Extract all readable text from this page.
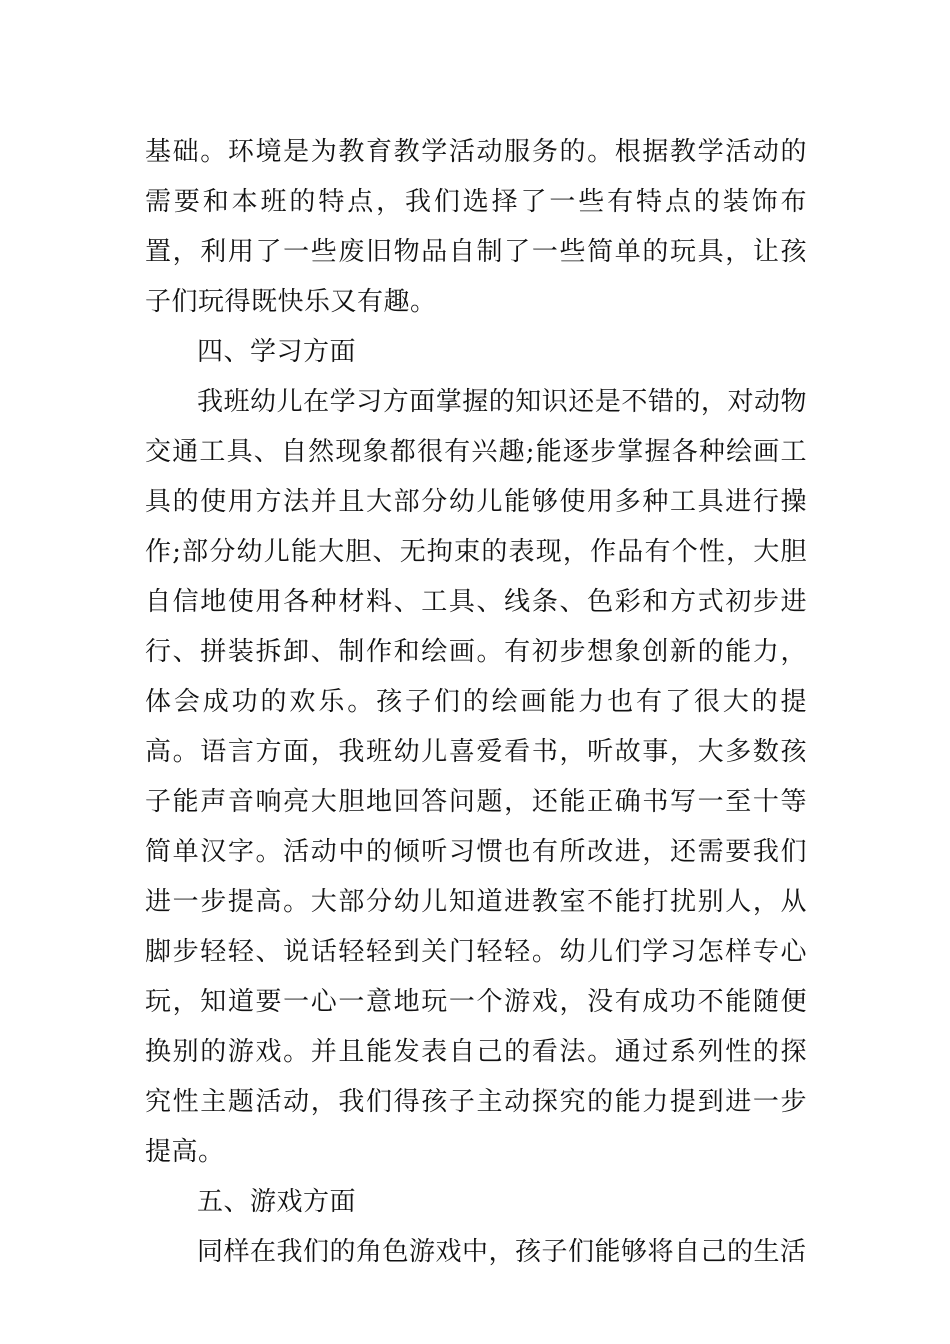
基础。环境是为教育教学活动服务的。根据教学活动的需要和本班的特点，我们选择了一些有特点的装饰布置，利用了一些废旧物品自制了一些简单的玩具，让孩子们玩得既快乐又有趣。

四、学习方面

我班幼儿在学习方面掌握的知识还是不错的，对动物交通工具、自然现象都很有兴趣;能逐步掌握各种绘画工具的使用方法并且大部分幼儿能够使用多种工具进行操作;部分幼儿能大胆、无拘束的表现，作品有个性，大胆自信地使用各种材料、工具、线条、色彩和方式初步进行、拼装拆卸、制作和绘画。有初步想象创新的能力，体会成功的欢乐。孩子们的绘画能力也有了很大的提高。语言方面，我班幼儿喜爱看书，听故事，大多数孩子能声音响亮大胆地回答问题，还能正确书写一至十等简单汉字。活动中的倾听习惯也有所改进，还需要我们进一步提高。大部分幼儿知道进教室不能打扰别人，从脚步轻轻、说话轻轻到关门轻轻。幼儿们学习怎样专心玩，知道要一心一意地玩一个游戏，没有成功不能随便换别的游戏。并且能发表自己的看法。通过系列性的探究性主题活动，我们得孩子主动探究的能力提到进一步提高。

五、游戏方面

同样在我们的角色游戏中，孩子们能够将自己的生活
